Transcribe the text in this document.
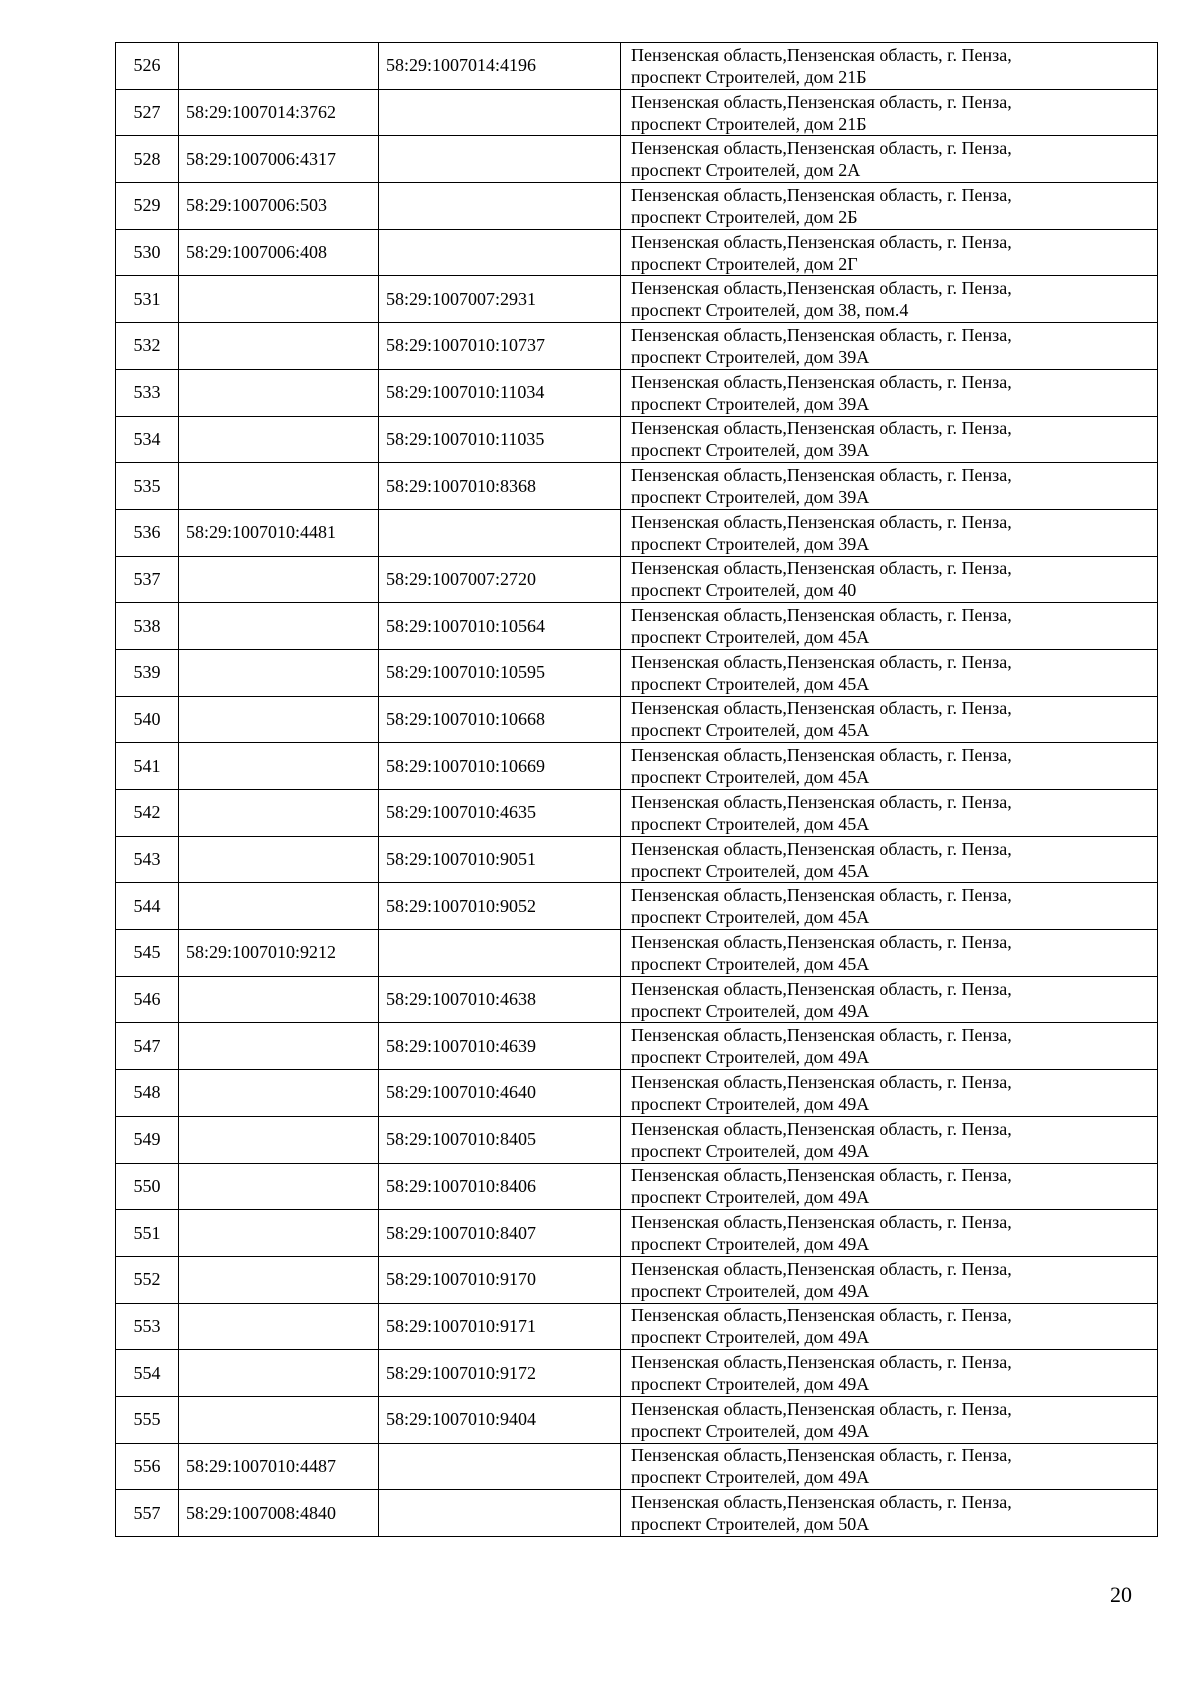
526		58:29:1007014:4196	Пензенская область,Пензенская область, г. Пенза,
проспект Строителей, дом 21Б

527	58:29:1007014:3762		Пензенская область,Пензенская область, г. Пенза,
проспект Строителей, дом 21Б

528	58:29:1007006:4317		Пензенская область,Пензенская область, г. Пенза,
проспект Строителей, дом 2А

529	58:29:1007006:503		Пензенская область,Пензенская область, г. Пенза,
проспект Строителей, дом 2Б

530	58:29:1007006:408		Пензенская область,Пензенская область, г. Пенза,
проспект Строителей, дом 2Г

531		58:29:1007007:2931	Пензенская область,Пензенская область, г. Пенза,
проспект Строителей, дом 38, пом.4

532		58:29:1007010:10737	Пензенская область,Пензенская область, г. Пенза,
проспект Строителей, дом 39А

533		58:29:1007010:11034	Пензенская область,Пензенская область, г. Пенза,
проспект Строителей, дом 39А

534		58:29:1007010:11035	Пензенская область,Пензенская область, г. Пенза,
проспект Строителей, дом 39А

535		58:29:1007010:8368	Пензенская область,Пензенская область, г. Пенза,
проспект Строителей, дом 39А

536	58:29:1007010:4481		Пензенская область,Пензенская область, г. Пенза,
проспект Строителей, дом 39А

537		58:29:1007007:2720	Пензенская область,Пензенская область, г. Пенза,
проспект Строителей, дом 40

538		58:29:1007010:10564	Пензенская область,Пензенская область, г. Пенза,
проспект Строителей, дом 45А

539		58:29:1007010:10595	Пензенская область,Пензенская область, г. Пенза,
проспект Строителей, дом 45А

540		58:29:1007010:10668	Пензенская область,Пензенская область, г. Пенза,
проспект Строителей, дом 45А

541		58:29:1007010:10669	Пензенская область,Пензенская область, г. Пенза,
проспект Строителей, дом 45А

542		58:29:1007010:4635	Пензенская область,Пензенская область, г. Пенза,
проспект Строителей, дом 45А

543		58:29:1007010:9051	Пензенская область,Пензенская область, г. Пенза,
проспект Строителей, дом 45А

544		58:29:1007010:9052	Пензенская область,Пензенская область, г. Пенза,
проспект Строителей, дом 45А

545	58:29:1007010:9212		Пензенская область,Пензенская область, г. Пенза,
проспект Строителей, дом 45А

546		58:29:1007010:4638	Пензенская область,Пензенская область, г. Пенза,
проспект Строителей, дом 49А

547		58:29:1007010:4639	Пензенская область,Пензенская область, г. Пенза,
проспект Строителей, дом 49А

548		58:29:1007010:4640	Пензенская область,Пензенская область, г. Пенза,
проспект Строителей, дом 49А

549		58:29:1007010:8405	Пензенская область,Пензенская область, г. Пенза,
проспект Строителей, дом 49А

550		58:29:1007010:8406	Пензенская область,Пензенская область, г. Пенза,
проспект Строителей, дом 49А

551		58:29:1007010:8407	Пензенская область,Пензенская область, г. Пенза,
проспект Строителей, дом 49А

552		58:29:1007010:9170	Пензенская область,Пензенская область, г. Пенза,
проспект Строителей, дом 49А

553		58:29:1007010:9171	Пензенская область,Пензенская область, г. Пенза,
проспект Строителей, дом 49А

554		58:29:1007010:9172	Пензенская область,Пензенская область, г. Пенза,
проспект Строителей, дом 49А

555		58:29:1007010:9404	Пензенская область,Пензенская область, г. Пенза,
проспект Строителей, дом 49А

556	58:29:1007010:4487		Пензенская область,Пензенская область, г. Пенза,
проспект Строителей, дом 49А

557	58:29:1007008:4840		Пензенская область,Пензенская область, г. Пенза,
проспект Строителей, дом 50А
20
